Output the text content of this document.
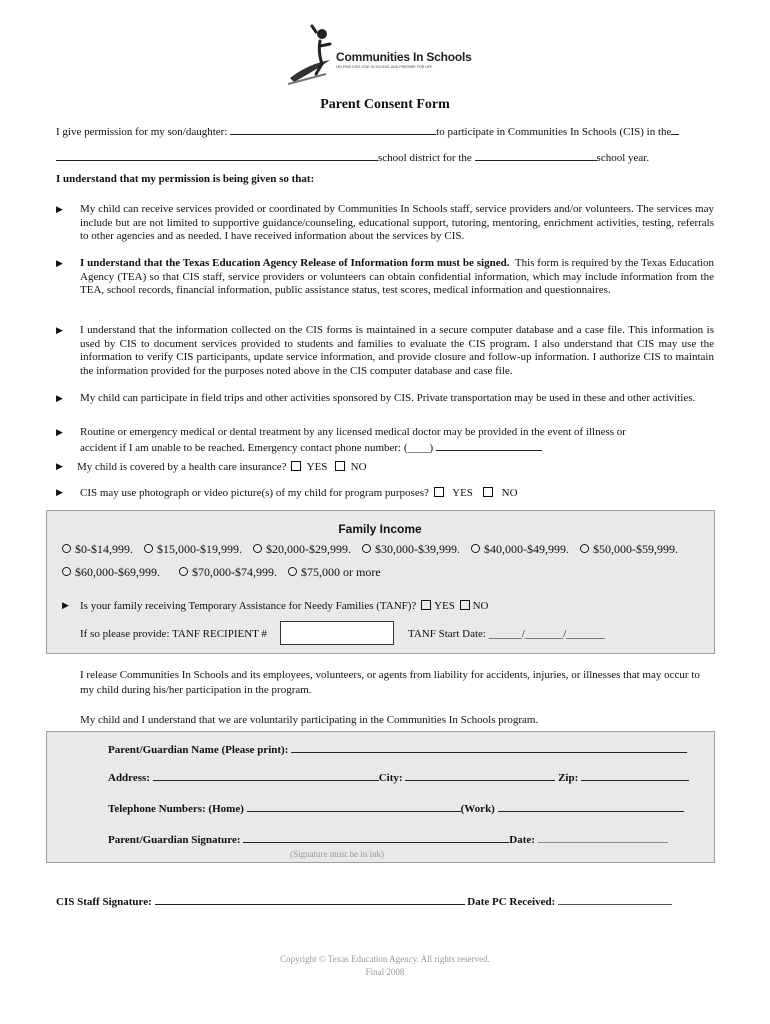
Communities In Schools
HELPING KIDS STAY IN SCHOOL AND PREPARE FOR LIFE
Parent Consent Form
I give permission for my son/daughter:	to participate in Communities In Schools (CIS) in the
school district for the	school year.
I understand that my permission is being given so that:
▶ My child can receive services provided or coordinated by Communities In Schools staff, service providers and/or volunteers. The services may include but are not limited to supportive guidance/counseling, educational support, tutoring, mentoring, enrichment activities, testing, referrals to other agencies and as needed. I have received information about the services by CIS.
▶ I understand that the Texas Education Agency Release of Information form must be signed. This form is required by the Texas Education Agency (TEA) so that CIS staff, service providers or volunteers can obtain confidential information, which may include information from the TEA, school records, financial information, public assistance status, test scores, medical information and questionnaires.
▶ I understand that the information collected on the CIS forms is maintained in a secure computer database and a case file. This information is used by CIS to document services provided to students and families to evaluate the CIS program. I also understand that CIS may use the information to verify CIS participants, update service information, and provide closure and follow-up information. I authorize CIS to maintain the information provided for the purposes noted above in the CIS computer database and case file.
▶ My child can participate in field trips and other activities sponsored by CIS. Private transportation may be used in these and other activities.
▶ Routine or emergency medical or dental treatment by any licensed medical doctor may be provided in the event of illness or
accident if I am unable to be reached. Emergency contact phone number: (____)
▶ My child is covered by a health care insurance? YES NO
▶ CIS may use photograph or video picture(s) of my child for program purposes? YES	NO
Family Income
$0-$14,999. $15,000-$19,999. $20,000-$29,999. $30,000-$39,999. $40,000-$49,999. $50,000-$59,999.
$60,000-$69,999.	$70,000-$74,999. $75,000 or more
▶ Is your family receiving Temporary Assistance for Needy Families (TANF)? YES NO
If so please provide: TANF RECIPIENT #	TANF Start Date: ______/_______/_______
I release Communities In Schools and its employees, volunteers, or agents from liability for accidents, injuries, or illnesses that may occur to my child during his/her participation in the program.
My child and I understand that we are voluntarily participating in the Communities In Schools program.
Parent/Guardian Name (Please print):
Address:	City:	Zip:
Telephone Numbers: (Home)	(Work)
Parent/Guardian Signature:	Date:
(Signature must be in ink)
CIS Staff Signature:	Date PC Received:
Copyright © Texas Education Agency. All rights reserved.
Final 2008
